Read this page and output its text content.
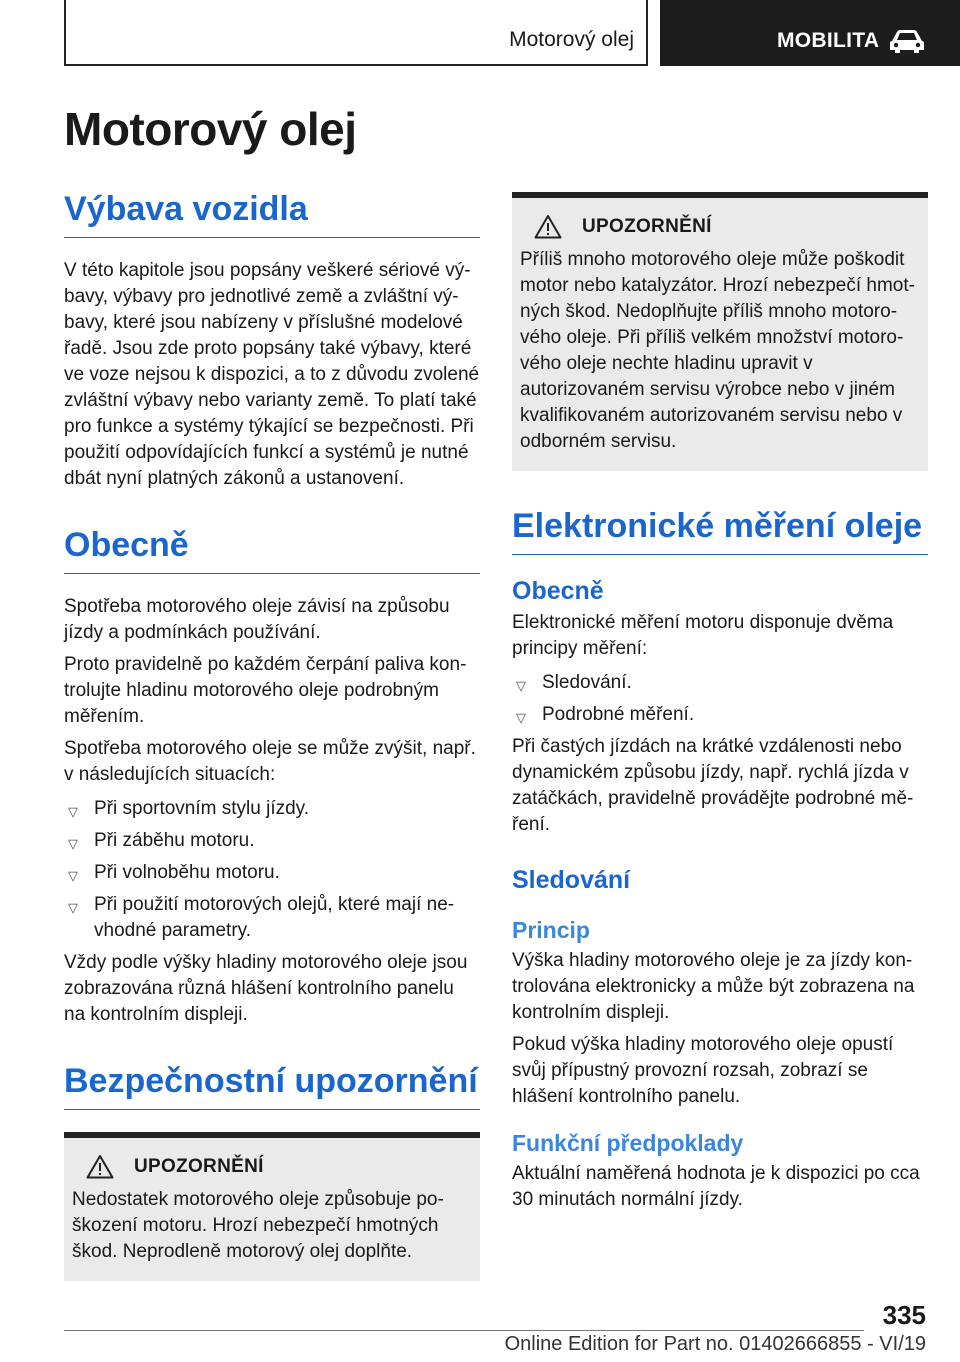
Motorový olej	MOBILITA
Motorový olej
Výbava vozidla

V této kapitole jsou popsány veškeré sériové vý‐bavy, výbavy pro jednotlivé země a zvláštní vý‐bavy, které jsou nabízeny v příslušné modelové řadě. Jsou zde proto popsány také výbavy, které ve voze nejsou k dispozici, a to z důvodu zvolené zvláštní výbavy nebo varianty země. To platí také pro funkce a systémy týkající se bezpečnosti. Při použití odpovídajících funkcí a systémů je nutné dbát nyní platných zákonů a ustanovení.

Obecně

Spotřeba motorového oleje závisí na způsobu jízdy a podmínkách používání.

Proto pravidelně po každém čerpání paliva kon‐trolujte hladinu motorového oleje podrobným měřením.

Spotřeba motorového oleje se může zvýšit, např. v následujících situacích:

▽ Při sportovním stylu jízdy.
▽ Při záběhu motoru.
▽ Při volnoběhu motoru.
▽ Při použití motorových olejů, které mají ne‐vhodné parametry.

Vždy podle výšky hladiny motorového oleje jsou zobrazována různá hlášení kontrolního panelu na kontrolním displeji.

Bezpečnostní upozornění
UPOZORNĚNÍ

Nedostatek motorového oleje způsobuje po‐škození motoru. Hrozí nebezpečí hmotných škod. Neprodleně motorový olej doplňte.

UPOZORNĚNÍ

Příliš mnoho motorového oleje může poškodit motor nebo katalyzátor. Hrozí nebezpečí hmot‐ných škod. Nedoplňujte příliš mnoho motoro‐vého oleje. Při příliš velkém množství motoro‐vého oleje nechte hladinu upravit v autorizovaném servisu výrobce nebo v jiném kvalifikovaném autorizovaném servisu nebo v odborném servisu.

Elektronické měření oleje
Obecně

Elektronické měření motoru disponuje dvěma principy měření:

▽ Sledování.
▽ Podrobné měření.

Při častých jízdách na krátké vzdálenosti nebo dynamickém způsobu jízdy, např. rychlá jízda v zatáčkách, pravidelně provádějte podrobné mě‐ření.

Sledování
Princip

Výška hladiny motorového oleje je za jízdy kon‐trolována elektronicky a může být zobrazena na kontrolním displeji.

Pokud výška hladiny motorového oleje opustí svůj přípustný provozní rozsah, zobrazí se hlášení kontrolního panelu.

Funkční předpoklady

Aktuální naměřená hodnota je k dispozici po cca 30 minutách normální jízdy.

335
Online Edition for Part no. 01402666855 - VI/19
